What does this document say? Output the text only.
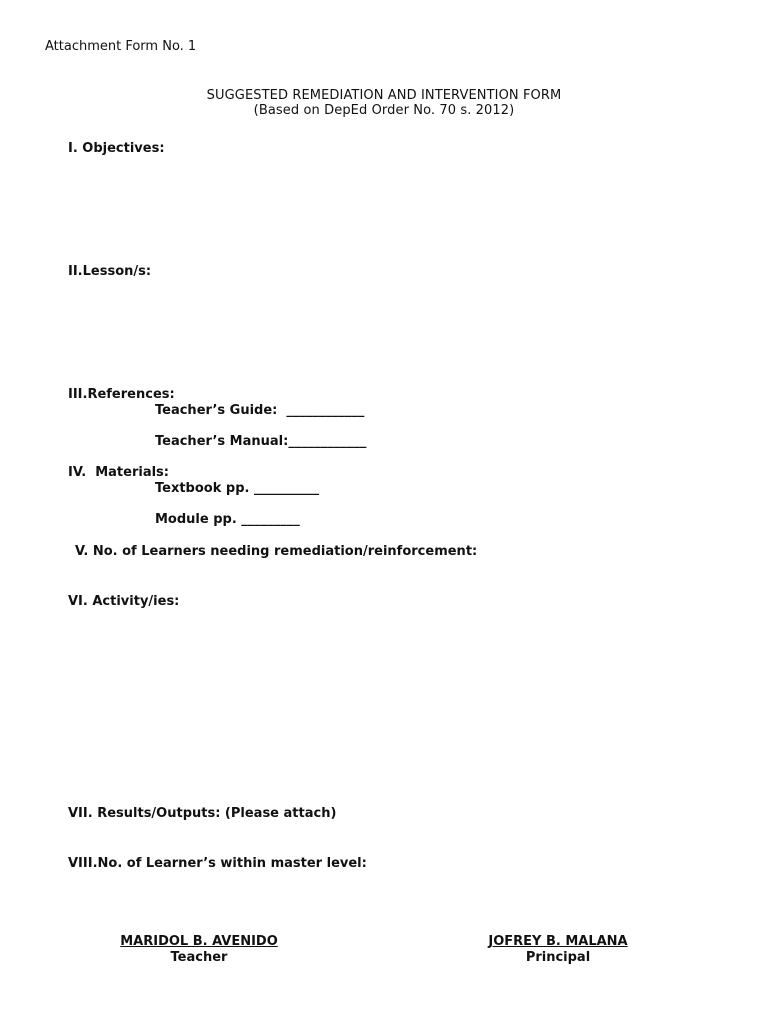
Attachment Form No. 1
SUGGESTED REMEDIATION AND INTERVENTION FORM
(Based on DepEd Order No. 70 s. 2012)
I. Objectives:
II.Lesson/s:
III.References:
Teacher’s Guide:  ____________
Teacher’s Manual:____________
IV.  Materials:
Textbook pp. __________
Module pp. _________
V. No. of Learners needing remediation/reinforcement:
VI. Activity/ies:
VII. Results/Outputs: (Please attach)
VIII.No. of Learner’s within master level:
MARIDOL B. AVENIDO
Teacher
JOFREY B. MALANA
Principal
